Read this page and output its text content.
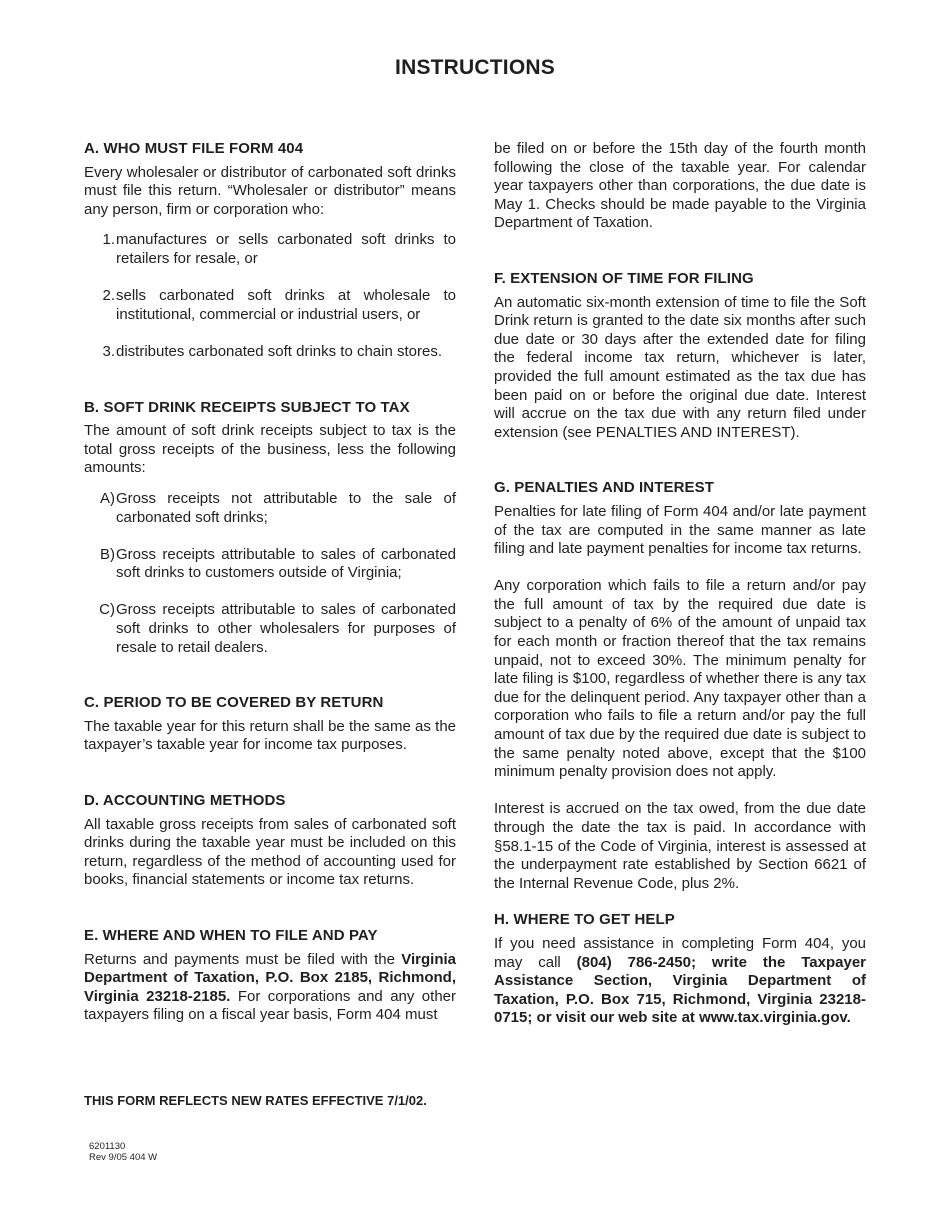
INSTRUCTIONS
A. WHO MUST FILE FORM 404

Every wholesaler or distributor of carbonated soft drinks must file this return. “Wholesaler or distributor” means any person, firm or corporation who:

1. manufactures or sells carbonated soft drinks to retailers for resale, or
2. sells carbonated soft drinks at wholesale to institutional, commercial or industrial users, or
3. distributes carbonated soft drinks to chain stores.
B. SOFT DRINK RECEIPTS SUBJECT TO TAX

The amount of soft drink receipts subject to tax is the total gross receipts of the business, less the following amounts:

A) Gross receipts not attributable to the sale of carbonated soft drinks;
B) Gross receipts attributable to sales of carbonated soft drinks to customers outside of Virginia;
C) Gross receipts attributable to sales of carbonated soft drinks to other wholesalers for purposes of resale to retail dealers.
C. PERIOD TO BE COVERED BY RETURN

The taxable year for this return shall be the same as the taxpayer’s taxable year for income tax purposes.

D. ACCOUNTING METHODS

All taxable gross receipts from sales of carbonated soft drinks during the taxable year must be included on this return, regardless of the method of accounting used for books, financial statements or income tax returns.

E. WHERE AND WHEN TO FILE AND PAY

Returns and payments must be filed with the Virginia Department of Taxation, P.O. Box 2185, Richmond, Virginia 23218-2185. For corporations and any other taxpayers filing on a fiscal year basis, Form 404 must

be filed on or before the 15th day of the fourth month following the close of the taxable year. For calendar year taxpayers other than corporations, the due date is May 1. Checks should be made payable to the Virginia Department of Taxation.

F. EXTENSION OF TIME FOR FILING

An automatic six-month extension of time to file the Soft Drink return is granted to the date six months after such due date or 30 days after the extended date for filing the federal income tax return, whichever is later, provided the full amount estimated as the tax due has been paid on or before the original due date. Interest will accrue on the tax due with any return filed under extension (see PENALTIES AND INTEREST).

G. PENALTIES AND INTEREST

Penalties for late filing of Form 404 and/or late payment of the tax are computed in the same manner as late filing and late payment penalties for income tax returns.

Any corporation which fails to file a return and/or pay the full amount of tax by the required due date is subject to a penalty of 6% of the amount of unpaid tax for each month or fraction thereof that the tax remains unpaid, not to exceed 30%. The minimum penalty for late filing is $100, regardless of whether there is any tax due for the delinquent period. Any taxpayer other than a corporation who fails to file a return and/or pay the full amount of tax due by the required due date is subject to the same penalty noted above, except that the $100 minimum penalty provision does not apply.

Interest is accrued on the tax owed, from the due date through the date the tax is paid. In accordance with §58.1-15 of the Code of Virginia, interest is assessed at the underpayment rate established by Section 6621 of the Internal Revenue Code, plus 2%.

H. WHERE TO GET HELP

If you need assistance in completing Form 404, you may call (804) 786-2450; write the Taxpayer Assistance Section, Virginia Department of Taxation, P.O. Box 715, Richmond, Virginia 23218-0715; or visit our web site at www.tax.virginia.gov.

THIS FORM REFLECTS NEW RATES EFFECTIVE 7/1/02.
6201130
Rev 9/05 404 W
